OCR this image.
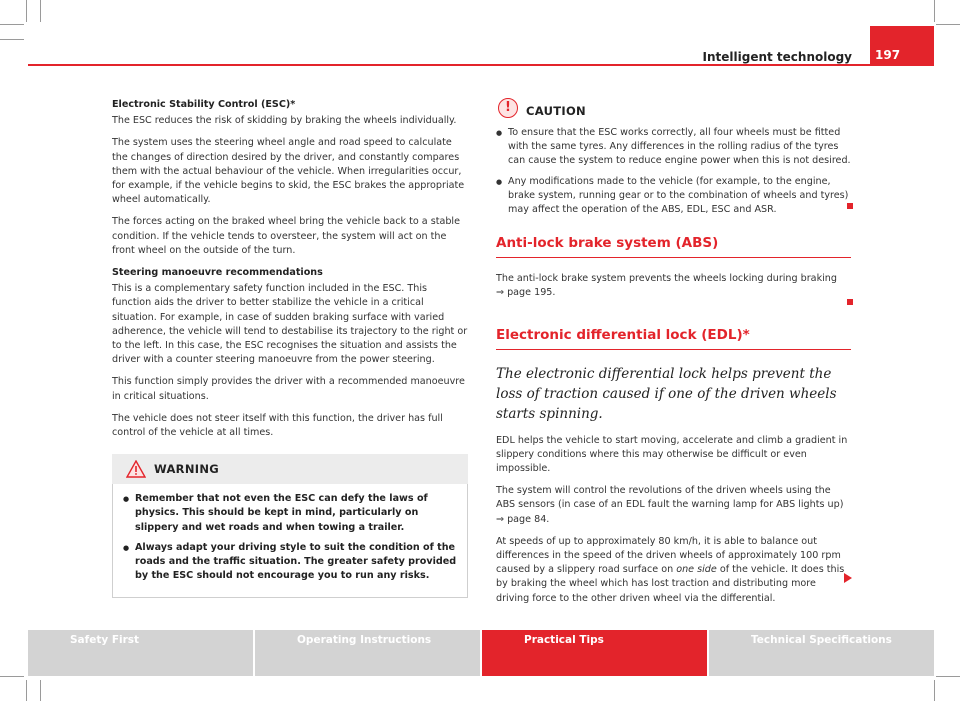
197
Intelligent technology
Electronic Stability Control (ESC)*
The ESC reduces the risk of skidding by braking the wheels individually.
The system uses the steering wheel angle and road speed to calculate the changes of direction desired by the driver, and constantly compares them with the actual behaviour of the vehicle. When irregularities occur, for example, if the vehicle begins to skid, the ESC brakes the appropriate wheel automatically.
The forces acting on the braked wheel bring the vehicle back to a stable condition. If the vehicle tends to oversteer, the system will act on the front wheel on the outside of the turn.
Steering manoeuvre recommendations
This is a complementary safety function included in the ESC. This function aids the driver to better stabilize the vehicle in a critical situation. For example, in case of sudden braking surface with varied adherence, the vehicle will tend to destabilise its trajectory to the right or to the left. In this case, the ESC recognises the situation and assists the driver with a counter steering manoeuvre from the power steering.
This function simply provides the driver with a recommended manoeuvre in critical situations.
The vehicle does not steer itself with this function, the driver has full control of the vehicle at all times.
WARNING
● Remember that not even the ESC can defy the laws of physics. This should be kept in mind, particularly on slippery and wet roads and when towing a trailer.
● Always adapt your driving style to suit the condition of the roads and the traffic situation. The greater safety provided by the ESC should not encourage you to run any risks.
!	CAUTION
● To ensure that the ESC works correctly, all four wheels must be fitted with the same tyres. Any differences in the rolling radius of the tyres can cause the system to reduce engine power when this is not desired.
● Any modifications made to the vehicle (for example, to the engine, brake system, running gear or to the combination of wheels and tyres) may affect the operation of the ABS, EDL, ESC and ASR.
Anti-lock brake system (ABS)
The anti-lock brake system prevents the wheels locking during braking
⇒ page 195.
Electronic differential lock (EDL)*
The electronic differential lock helps prevent the loss of traction caused if one of the driven wheels starts spinning.
EDL helps the vehicle to start moving, accelerate and climb a gradient in slippery conditions where this may otherwise be difficult or even impossible.
The system will control the revolutions of the driven wheels using the ABS sensors (in case of an EDL fault the warning lamp for ABS lights up)
⇒ page 84.
At speeds of up to approximately 80 km/h, it is able to balance out differences in the speed of the driven wheels of approximately 100 rpm caused by a slippery road surface on one side of the vehicle. It does this by braking the wheel which has lost traction and distributing more driving force to the other driven wheel via the differential.
Safety First	Operating Instructions	Practical Tips	Technical Specifications
